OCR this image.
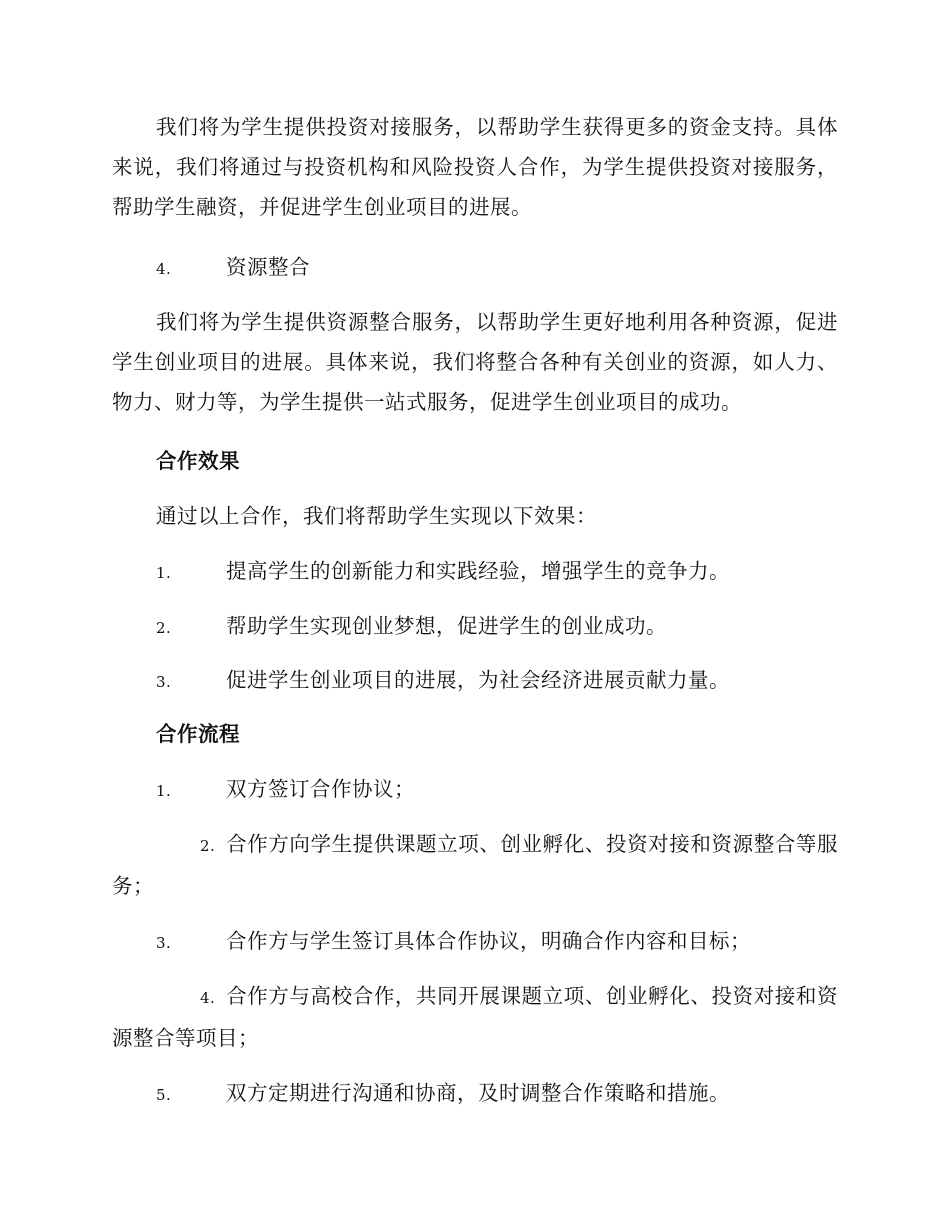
我们将为学生提供投资对接服务，以帮助学生获得更多的资金支持。具体来说，我们将通过与投资机构和风险投资人合作，为学生提供投资对接服务，帮助学生融资，并促进学生创业项目的进展。
4.	资源整合
我们将为学生提供资源整合服务，以帮助学生更好地利用各种资源，促进学生创业项目的进展。具体来说，我们将整合各种有关创业的资源，如人力、物力、财力等，为学生提供一站式服务，促进学生创业项目的成功。
合作效果
通过以上合作，我们将帮助学生实现以下效果：
1.	提高学生的创新能力和实践经验，增强学生的竞争力。
2.	帮助学生实现创业梦想，促进学生的创业成功。
3.	促进学生创业项目的进展，为社会经济进展贡献力量。
合作流程
1.	双方签订合作协议；
2. 合作方向学生提供课题立项、创业孵化、投资对接和资源整合等服务；
3.	合作方与学生签订具体合作协议，明确合作内容和目标；
4. 合作方与高校合作，共同开展课题立项、创业孵化、投资对接和资源整合等项目；
5.	双方定期进行沟通和协商，及时调整合作策略和措施。
